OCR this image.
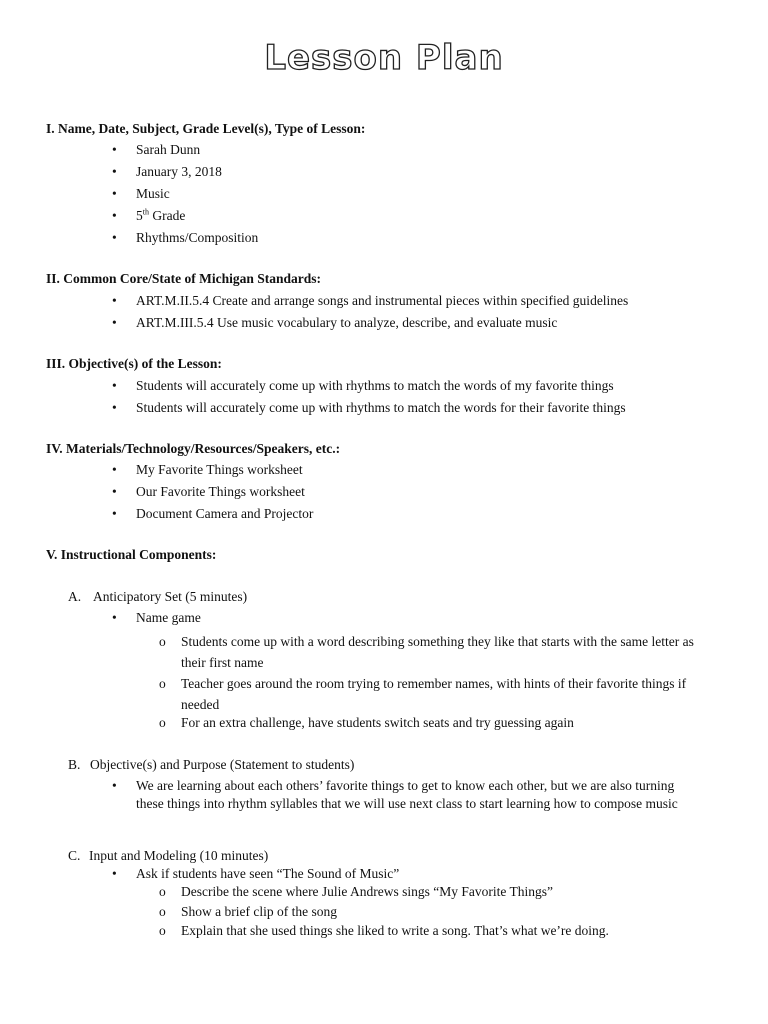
Lesson Plan
I. Name, Date, Subject, Grade Level(s), Type of Lesson:
• Sarah Dunn
• January 3, 2018
• Music
• 5th Grade
• Rhythms/Composition
II. Common Core/State of Michigan Standards:
• ART.M.II.5.4 Create and arrange songs and instrumental pieces within specified guidelines
• ART.M.III.5.4 Use music vocabulary to analyze, describe, and evaluate music
III. Objective(s) of the Lesson:
• Students will accurately come up with rhythms to match the words of my favorite things
• Students will accurately come up with rhythms to match the words for their favorite things
IV. Materials/Technology/Resources/Speakers, etc.:
• My Favorite Things worksheet
• Our Favorite Things worksheet
• Document Camera and Projector
V. Instructional Components:
A. Anticipatory Set (5 minutes)
• Name game
o Students come up with a word describing something they like that starts with the same letter as their first name
o Teacher goes around the room trying to remember names, with hints of their favorite things if needed
o For an extra challenge, have students switch seats and try guessing again
B. Objective(s) and Purpose (Statement to students)
• We are learning about each others’ favorite things to get to know each other, but we are also turning these things into rhythm syllables that we will use next class to start learning how to compose music
C. Input and Modeling (10 minutes)
• Ask if students have seen “The Sound of Music”
o Describe the scene where Julie Andrews sings “My Favorite Things”
o Show a brief clip of the song
o Explain that she used things she liked to write a song. That’s what we’re doing.
